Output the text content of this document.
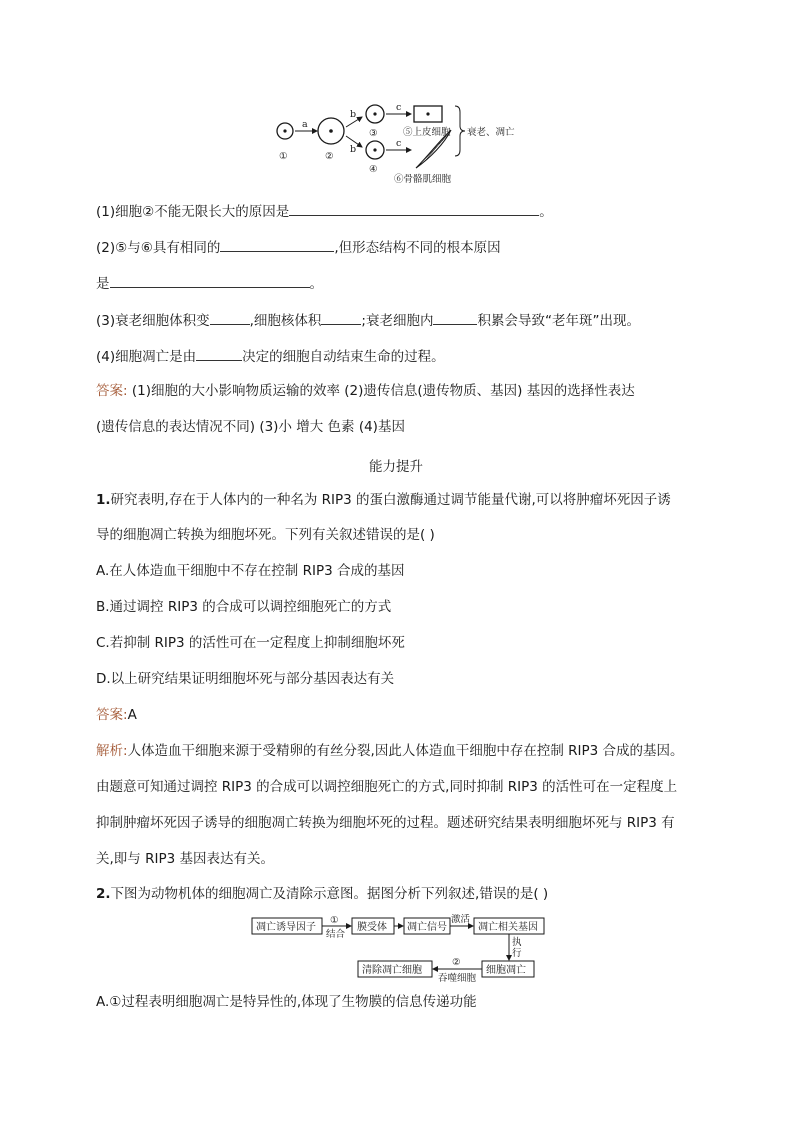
①
a
②
b
b
③
④
c
c
⑤上皮细胞
⑥骨骼肌细胞
衰老、凋亡
(1)细胞②不能无限长大的原因是	。
(2)⑤与⑥具有相同的	,但形态结构不同的根本原因
是	。
(3)衰老细胞体积变	,细胞核体积	;衰老细胞内	积累会导致“老年斑”出现。
(4)细胞凋亡是由	决定的细胞自动结束生命的过程。
答案: (1)细胞的大小影响物质运输的效率 (2)遗传信息(遗传物质、基因) 基因的选择性表达
(遗传信息的表达情况不同) (3)小 增大 色素 (4)基因
能力提升
1.研究表明,存在于人体内的一种名为 RIP3 的蛋白激酶通过调节能量代谢,可以将肿瘤坏死因子诱
导的细胞凋亡转换为细胞坏死。下列有关叙述错误的是( )
A.在人体造血干细胞中不存在控制 RIP3 合成的基因
B.通过调控 RIP3 的合成可以调控细胞死亡的方式
C.若抑制 RIP3 的活性可在一定程度上抑制细胞坏死
D.以上研究结果证明细胞坏死与部分基因表达有关
答案:A
解析:人体造血干细胞来源于受精卵的有丝分裂,因此人体造血干细胞中存在控制 RIP3 合成的基因。
由题意可知通过调控 RIP3 的合成可以调控细胞死亡的方式,同时抑制 RIP3 的活性可在一定程度上
抑制肿瘤坏死因子诱导的细胞凋亡转换为细胞坏死的过程。题述研究结果表明细胞坏死与 RIP3 有
关,即与 RIP3 基因表达有关。
2.下图为动物机体的细胞凋亡及清除示意图。据图分析下列叙述,错误的是( )
凋亡诱导因子
①
结合
膜受体 凋亡信号
激活
凋亡相关基因
执
行
细胞凋亡
②
吞噬细胞
清除凋亡细胞
A.①过程表明细胞凋亡是特异性的,体现了生物膜的信息传递功能
